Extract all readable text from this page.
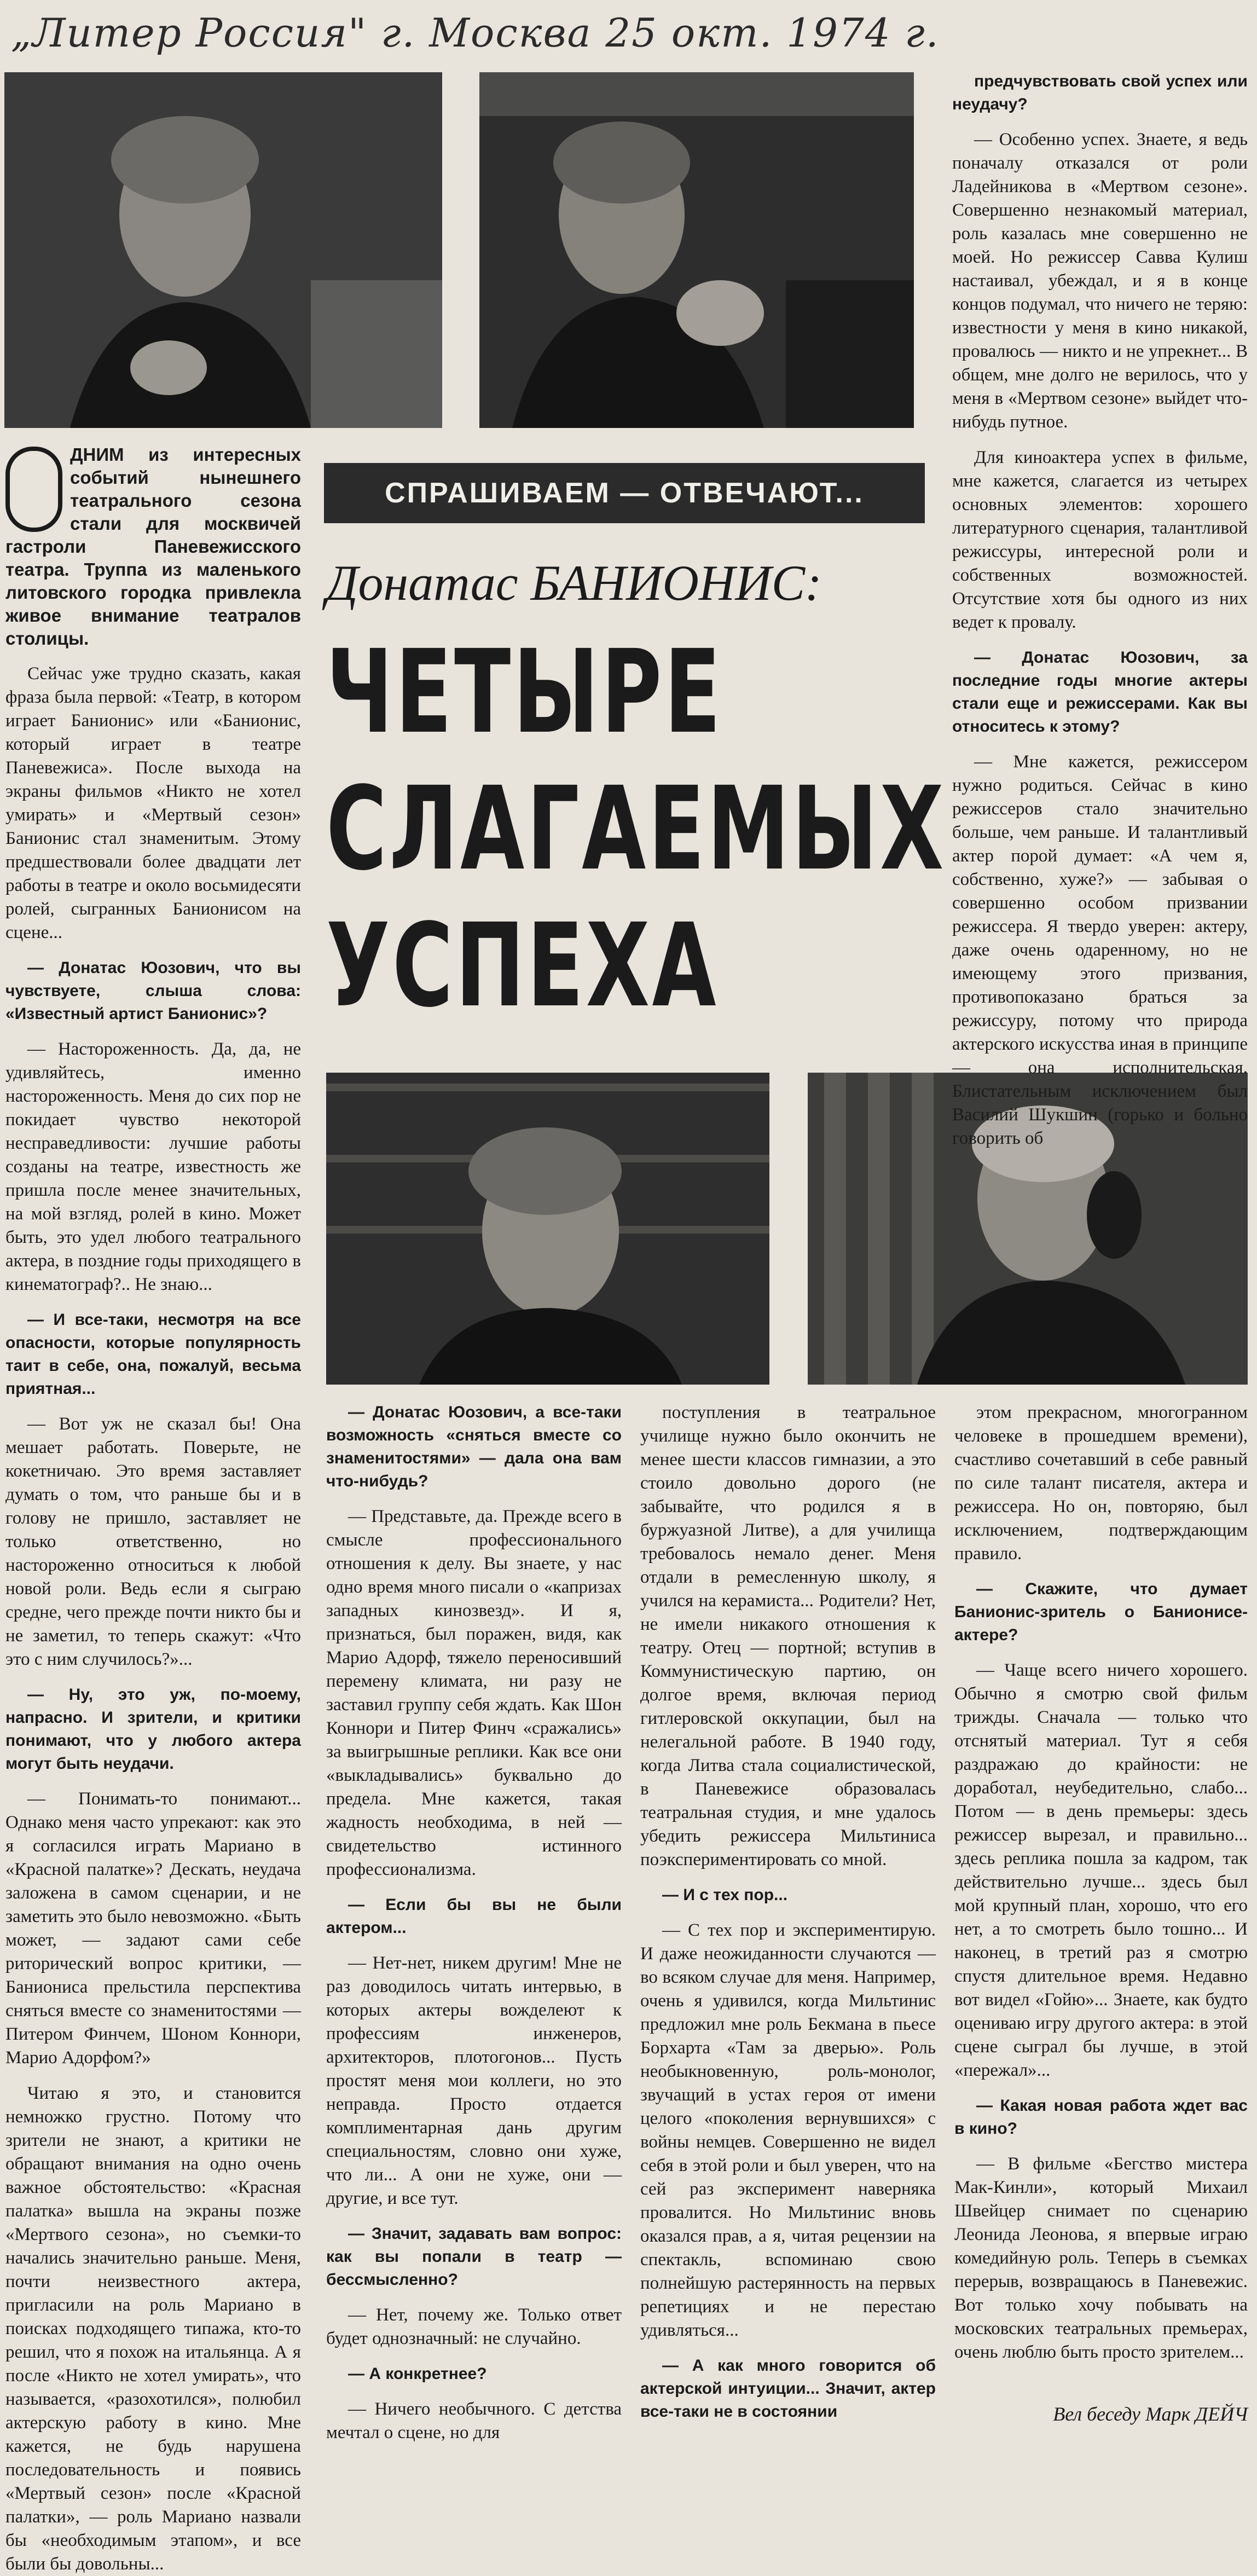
„Литер Россия" г. Москва 25 окт. 1974 г.

ДНИМ из интересных событий нынешнего театрального сезона стали для москвичей гастроли Паневежисского театра. Труппа из маленького литовского городка привлекла живое внимание театралов столицы.

Сейчас уже трудно сказать, какая фраза была первой: «Театр, в котором играет Банионис» или «Банионис, который играет в театре Паневежиса». После выхода на экраны фильмов «Никто не хотел умирать» и «Мертвый сезон» Банионис стал знаменитым. Этому предшествовали более двадцати лет работы в театре и около восьмидесяти ролей, сыгранных Банионисом на сцене...

— Донатас Юозович, что вы чувствуете, слыша слова: «Известный артист Банионис»?

— Настороженность. Да, да, не удивляйтесь, именно настороженность. Меня до сих пор не покидает чувство некоторой несправедливости: лучшие работы созданы на театре, известность же пришла после менее значительных, на мой взгляд, ролей в кино. Может быть, это удел любого театрального актера, в поздние годы приходящего в кинематограф?.. Не знаю...

— И все-таки, несмотря на все опасности, которые популярность таит в себе, она, пожалуй, весьма приятная...

— Вот уж не сказал бы! Она мешает работать. Поверьте, не кокетничаю. Это время заставляет думать о том, что раньше бы и в голову не пришло, заставляет не только ответственно, но настороженно относиться к любой новой роли. Ведь если я сыграю средне, чего прежде почти никто бы и не заметил, то теперь скажут: «Что это с ним случилось?»...

— Ну, это уж, по-моему, напрасно. И зрители, и критики понимают, что у любого актера могут быть неудачи.

— Понимать-то понимают... Однако меня часто упрекают: как это я согласился играть Мариано в «Красной палатке»? Дескать, неудача заложена в самом сценарии, и не заметить это было невозможно. «Быть может, — задают сами себе риторический вопрос критики, — Баниониса прельстила перспектива сняться вместе со знаменитостями — Питером Финчем, Шоном Коннори, Марио Адорфом?»

Читаю я это, и становится немножко грустно. Потому что зрители не знают, а критики не обращают внимания на одно очень важное обстоятельство: «Красная палатка» вышла на экраны позже «Мертвого сезона», но съемки-то начались значительно раньше. Меня, почти неизвестного актера, пригласили на роль Мариано в поисках подходящего типажа, кто-то решил, что я похож на итальянца. А я после «Никто не хотел умирать», что называется, «разохотился», полюбил актерскую работу в кино. Мне кажется, не будь нарушена последовательность и появись «Мертвый сезон» после «Красной палатки», — роль Мариано назвали бы «необходимым этапом», и все были бы довольны...

СПРАШИВАЕМ — ОТВЕЧАЮТ...
Донатас БАНИОНИС:
ЧЕТЫРЕ
СЛАГАЕМЫХ
УСПЕХА

предчувствовать свой успех или неудачу?

— Особенно успех. Знаете, я ведь поначалу отказался от роли Ладейникова в «Мертвом сезоне». Совершенно незнакомый материал, роль казалась мне совершенно не моей. Но режиссер Савва Кулиш настаивал, убеждал, и я в конце концов подумал, что ничего не теряю: известности у меня в кино никакой, провалюсь — никто и не упрекнет... В общем, мне долго не верилось, что у меня в «Мертвом сезоне» выйдет что-нибудь путное.

Для киноактера успех в фильме, мне кажется, слагается из четырех основных элементов: хорошего литературного сценария, талантливой режиссуры, интересной роли и собственных возможностей. Отсутствие хотя бы одного из них ведет к провалу.

— Донатас Юозович, за последние годы многие актеры стали еще и режиссерами. Как вы относитесь к этому?

— Мне кажется, режиссером нужно родиться. Сейчас в кино режиссеров стало значительно больше, чем раньше. И талантливый актер порой думает: «А чем я, собственно, хуже?» — забывая о совершенно особом призвании режиссера. Я твердо уверен: актеру, даже очень одаренному, но не имеющему этого призвания, противопоказано браться за режиссуру, потому что природа актерского искусства иная в принципе — она исполнительская. Блистательным исключением был Василий Шукшин (горько и больно говорить об

— Донатас Юозович, а все-таки возможность «сняться вместе со знаменитостями» — дала она вам что-нибудь?

— Представьте, да. Прежде всего в смысле профессионального отношения к делу. Вы знаете, у нас одно время много писали о «капризах западных кинозвезд». И я, признаться, был поражен, видя, как Марио Адорф, тяжело переносивший перемену климата, ни разу не заставил группу себя ждать. Как Шон Коннори и Питер Финч «сражались» за выигрышные реплики. Как все они «выкладывались» буквально до предела. Мне кажется, такая жадность необходима, в ней — свидетельство истинного профессионализма.

— Если бы вы не были актером...

— Нет-нет, никем другим! Мне не раз доводилось читать интервью, в которых актеры вожделеют к профессиям инженеров, архитекторов, плотогонов... Пусть простят меня мои коллеги, но это неправда. Просто отдается комплиментарная дань другим специальностям, словно они хуже, что ли... А они не хуже, они — другие, и все тут.

— Значит, задавать вам вопрос: как вы попали в театр — бессмысленно?

— Нет, почему же. Только ответ будет однозначный: не случайно.

— А конкретнее?

— Ничего необычного. С детства мечтал о сцене, но для

поступления в театральное училище нужно было окончить не менее шести классов гимназии, а это стоило довольно дорого (не забывайте, что родился я в буржуазной Литве), а для училища требовалось немало денег. Меня отдали в ремесленную школу, я учился на керамиста... Родители? Нет, не имели никакого отношения к театру. Отец — портной; вступив в Коммунистическую партию, он долгое время, включая период гитлеровской оккупации, был на нелегальной работе. В 1940 году, когда Литва стала социалистической, в Паневежисе образовалась театральная студия, и мне удалось убедить режиссера Мильтиниса поэкспериментировать со мной.

— И с тех пор...

— С тех пор и экспериментирую. И даже неожиданности случаются — во всяком случае для меня. Например, очень я удивился, когда Мильтинис предложил мне роль Бекмана в пьесе Борхарта «Там за дверью». Роль необыкновенную, роль-монолог, звучащий в устах героя от имени целого «поколения вернувшихся» с войны немцев. Совершенно не видел себя в этой роли и был уверен, что на сей раз эксперимент наверняка провалится. Но Мильтинис вновь оказался прав, а я, читая рецензии на спектакль, вспоминаю свою полнейшую растерянность на первых репетициях и не перестаю удивляться...

— А как много говорится об актерской интуиции... Значит, актер все-таки не в состоянии

этом прекрасном, многогранном человеке в прошедшем времени), счастливо сочетавший в себе равный по силе талант писателя, актера и режиссера. Но он, повторяю, был исключением, подтверждающим правило.

— Скажите, что думает Банионис-зритель о Банионисе-актере?

— Чаще всего ничего хорошего. Обычно я смотрю свой фильм трижды. Сначала — только что отснятый материал. Тут я себя раздражаю до крайности: не доработал, неубедительно, слабо... Потом — в день премьеры: здесь режиссер вырезал, и правильно... здесь реплика пошла за кадром, так действительно лучше... здесь был мой крупный план, хорошо, что его нет, а то смотреть было тошно... И наконец, в третий раз я смотрю спустя длительное время. Недавно вот видел «Гойю»... Знаете, как будто оцениваю игру другого актера: в этой сцене сыграл бы лучше, в этой «пережал»...

— Какая новая работа ждет вас в кино?

— В фильме «Бегство мистера Мак-Кинли», который Михаил Швейцер снимает по сценарию Леонида Леонова, я впервые играю комедийную роль. Теперь в съемках перерыв, возвращаюсь в Паневежис. Вот только хочу побывать на московских театральных премьерах, очень люблю быть просто зрителем...

Вел беседу Марк ДЕЙЧ
